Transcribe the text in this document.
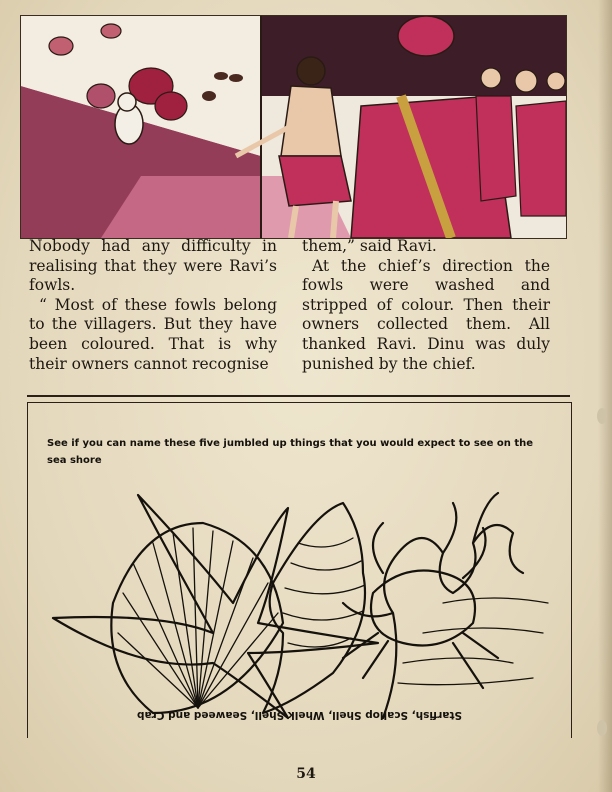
Nobody had any difficulty in realising that they were Ravi’s fowls.

“ Most of these fowls belong to the villagers. But they have been coloured. That is why their owners cannot recognise

them,” said Ravi.

At the chief’s direction the fowls were washed and stripped of colour. Then their owners collected them. All thanked Ravi. Dinu was duly punished by the chief.

See if you can name these five jumbled up things that you would expect to see on the sea shore
Starfish, Scallop Shell, Whelk Shell, Seaweed and Crab
54
